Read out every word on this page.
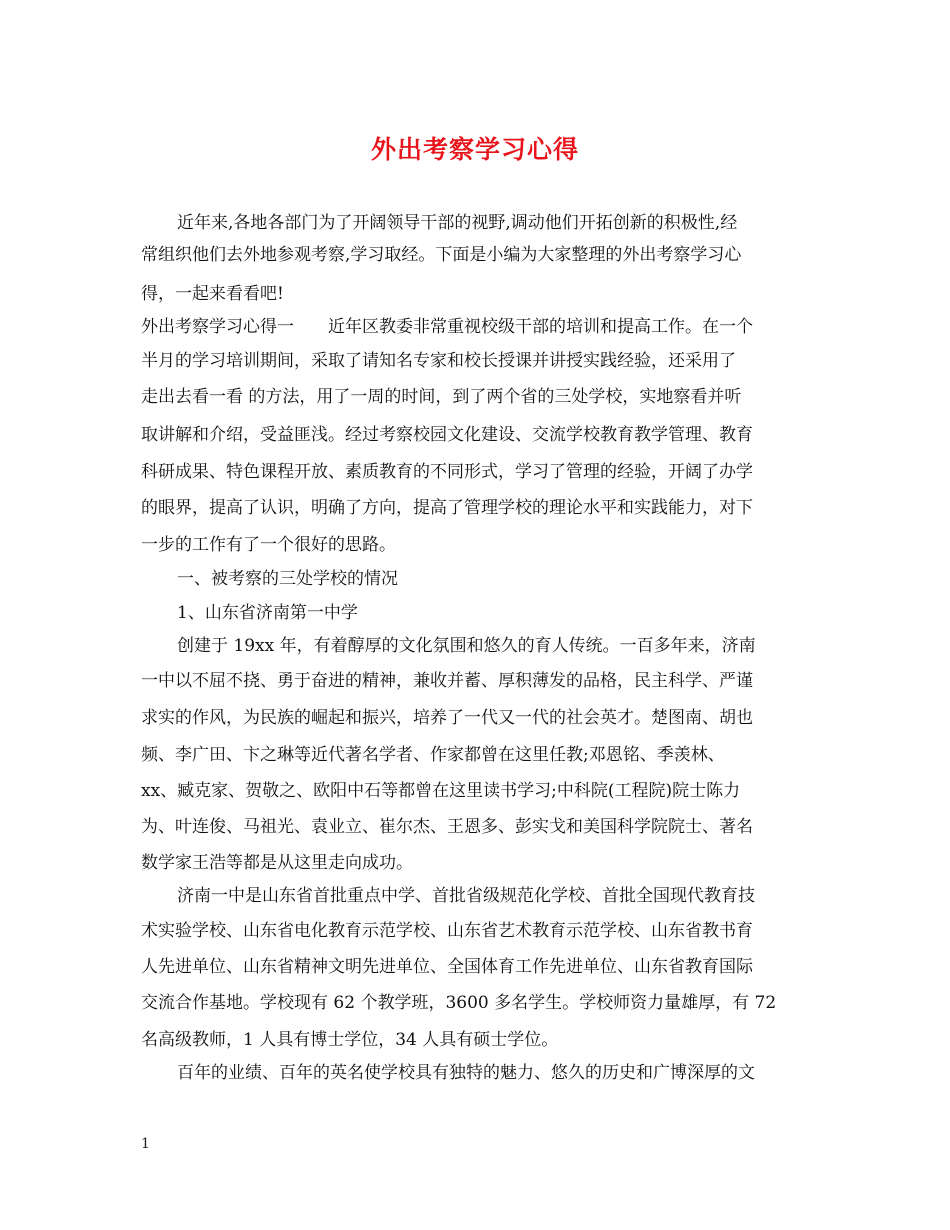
外出考察学习心得

近年来,各地各部门为了开阔领导干部的视野,调动他们开拓创新的积极性,经

常组织他们去外地参观考察,学习取经。下面是小编为大家整理的外出考察学习心

得，一起来看看吧!

外出考察学习心得一　　近年区教委非常重视校级干部的培训和提高工作。在一个

半月的学习培训期间，采取了请知名专家和校长授课并讲授实践经验，还采用了

走出去看一看 的方法，用了一周的时间，到了两个省的三处学校，实地察看并听

取讲解和介绍，受益匪浅。经过考察校园文化建设、交流学校教育教学管理、教育

科研成果、特色课程开放、素质教育的不同形式，学习了管理的经验，开阔了办学

的眼界，提高了认识，明确了方向，提高了管理学校的理论水平和实践能力，对下

一步的工作有了一个很好的思路。

一、被考察的三处学校的情况

1、山东省济南第一中学

创建于 19xx 年，有着醇厚的文化氛围和悠久的育人传统。一百多年来，济南

一中以不屈不挠、勇于奋进的精神，兼收并蓄、厚积薄发的品格，民主科学、严谨

求实的作风，为民族的崛起和振兴，培养了一代又一代的社会英才。楚图南、胡也

频、李广田、卞之琳等近代著名学者、作家都曾在这里任教;邓恩铭、季羡林、

xx、臧克家、贺敬之、欧阳中石等都曾在这里读书学习;中科院(工程院)院士陈力

为、叶连俊、马祖光、袁业立、崔尔杰、王恩多、彭实戈和美国科学院院士、著名

数学家王浩等都是从这里走向成功。

济南一中是山东省首批重点中学、首批省级规范化学校、首批全国现代教育技

术实验学校、山东省电化教育示范学校、山东省艺术教育示范学校、山东省教书育

人先进单位、山东省精神文明先进单位、全国体育工作先进单位、山东省教育国际

交流合作基地。学校现有 62 个教学班，3600 多名学生。学校师资力量雄厚，有 72

名高级教师，1 人具有博士学位，34 人具有硕士学位。

百年的业绩、百年的英名使学校具有独特的魅力、悠久的历史和广博深厚的文

1
